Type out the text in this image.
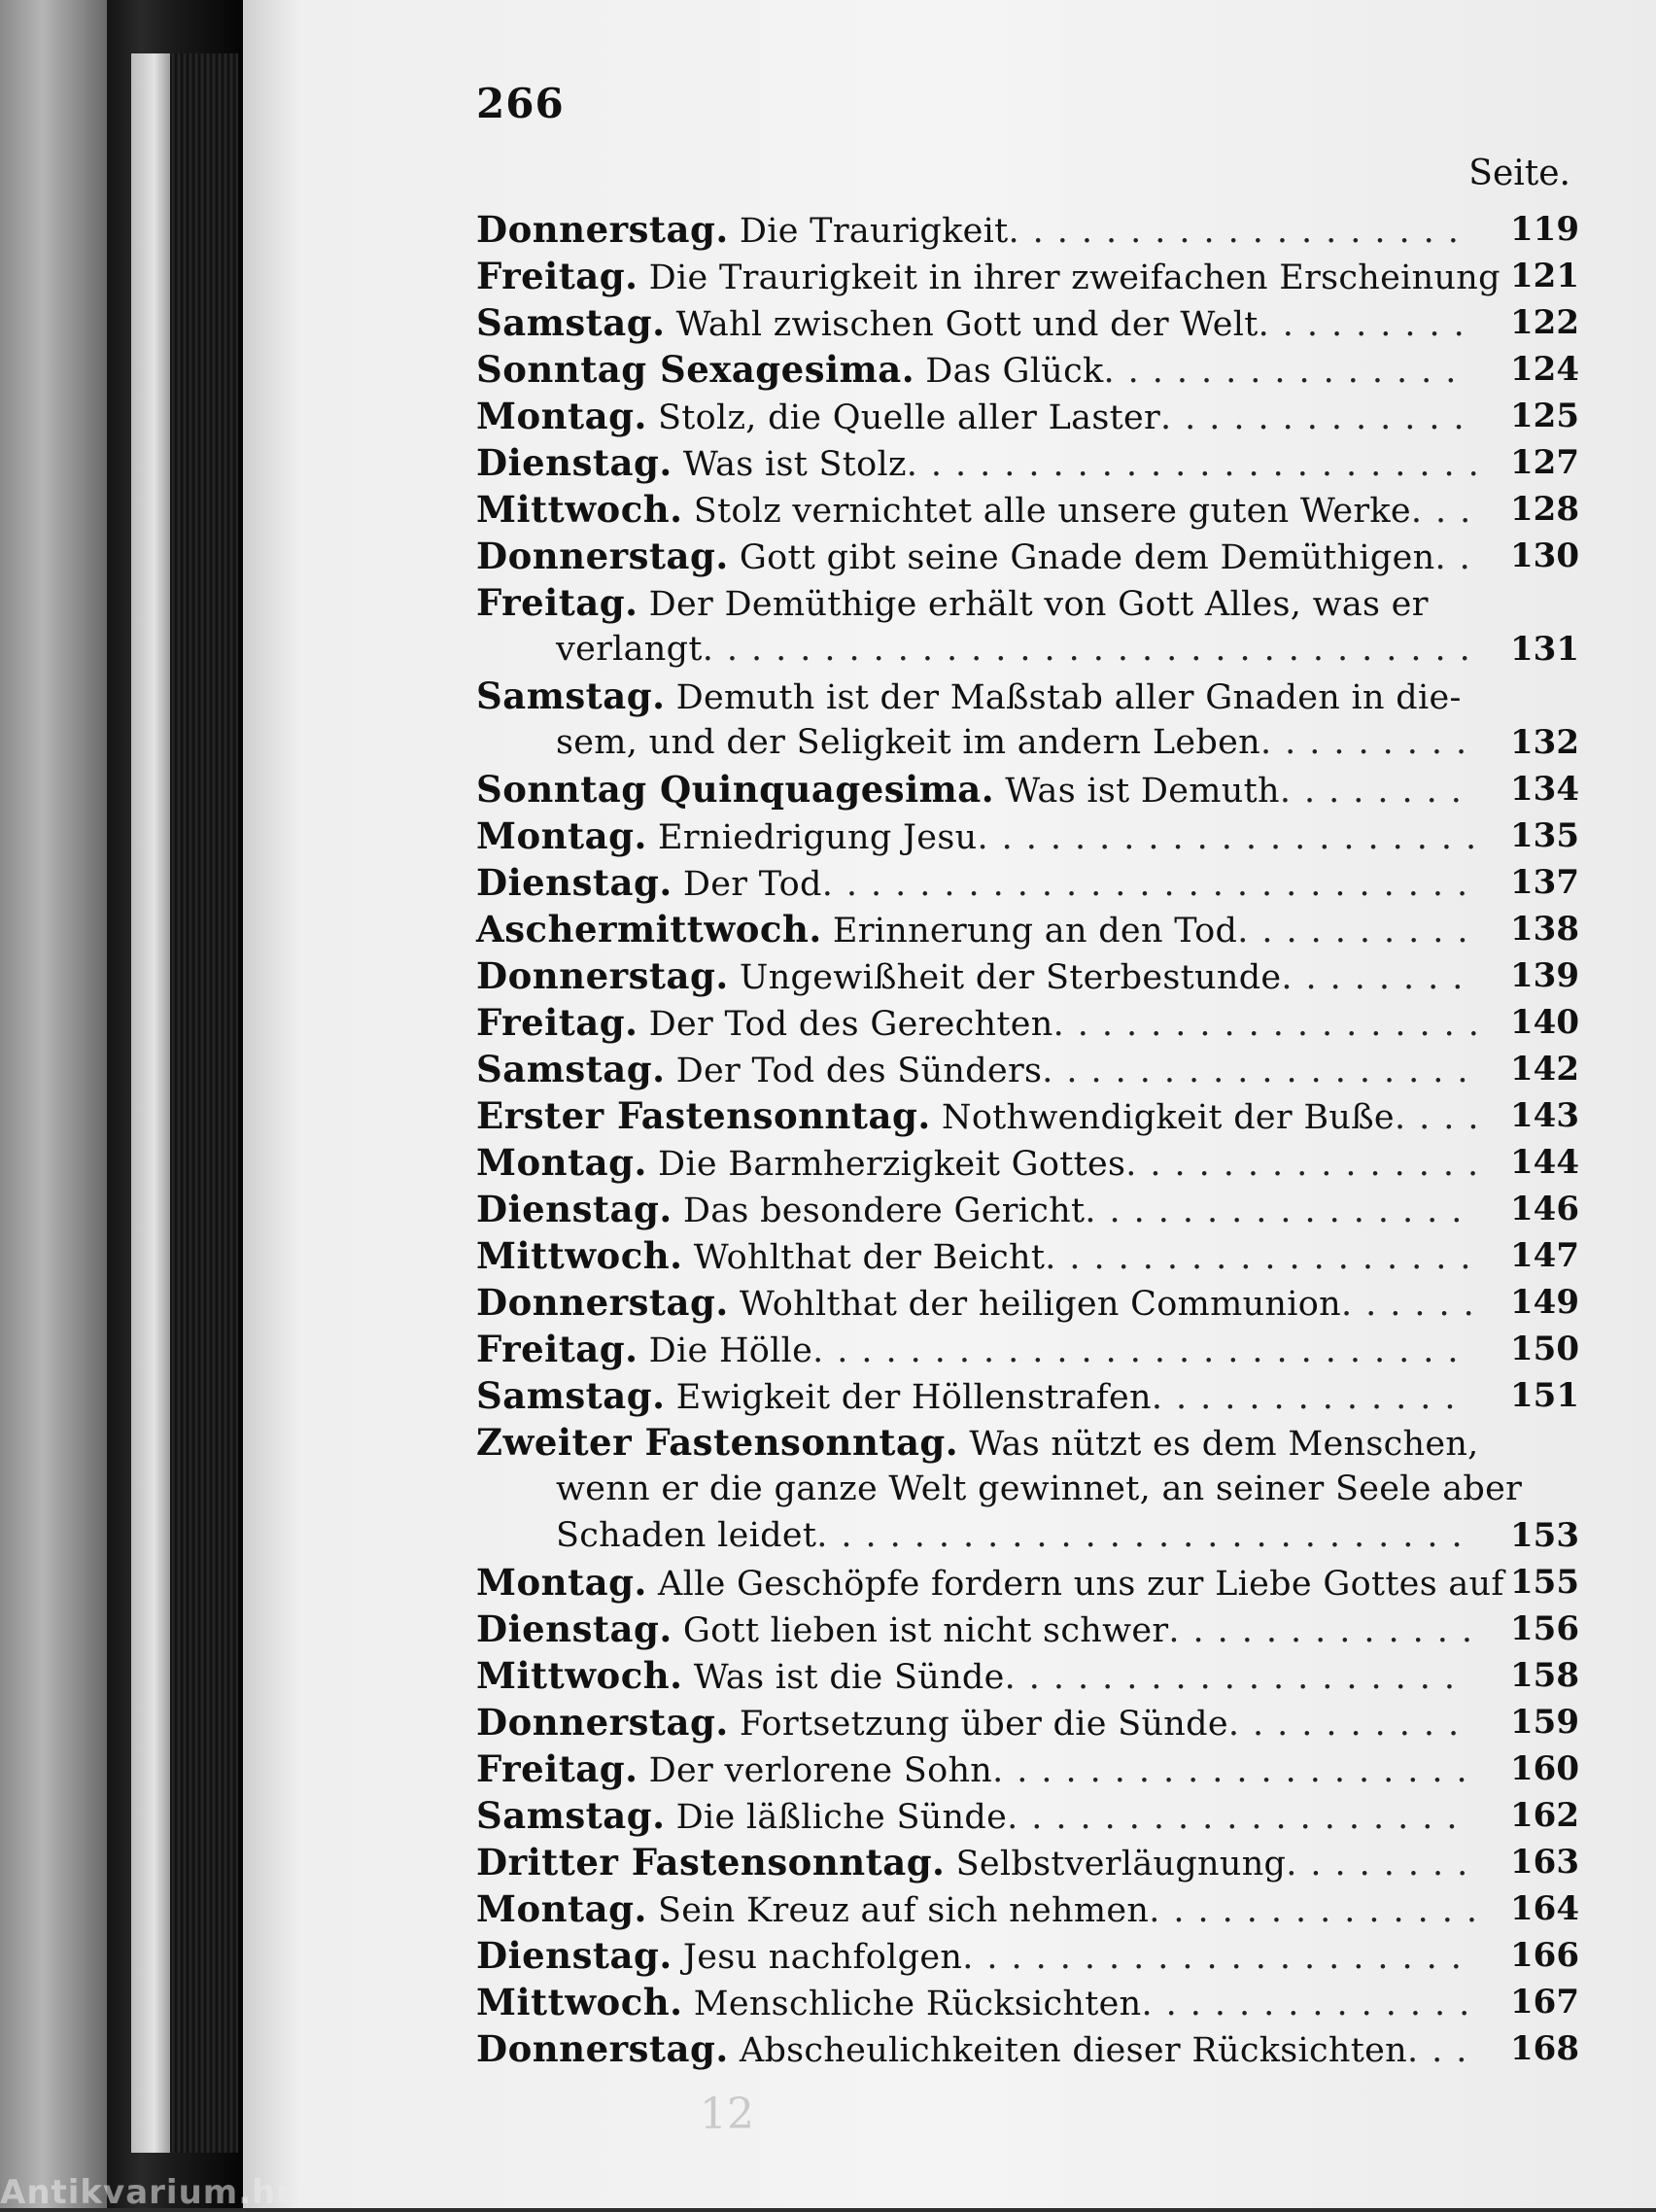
266
Seite.
Donnerstag. Die Traurigkeit................... 119
Freitag. Die Traurigkeit in ihrer zweifachen Erscheinung 121
Samstag. Wahl zwischen Gott und der Welt......... 122
Sonntag Sexagesima. Das Glück............... 124
Montag. Stolz, die Quelle aller Laster............. 125
Dienstag. Was ist Stolz........................ 127
Mittwoch. Stolz vernichtet alle unsere guten Werke... 128
Donnerstag. Gott gibt seine Gnade dem Demüthigen.. 130
Freitag. Der Demüthige erhält von Gott Alles, was er
verlangt................................ 131
Samstag. Demuth ist der Maßstab aller Gnaden in die-
sem, und der Seligkeit im andern Leben......... 132
Sonntag Quinquagesima. Was ist Demuth........ 134
Montag. Erniedrigung Jesu..................... 135
Dienstag. Der Tod........................... 137
Aschermittwoch. Erinnerung an den Tod.......... 138
Donnerstag. Ungewißheit der Sterbestunde........ 139
Freitag. Der Tod des Gerechten.................. 140
Samstag. Der Tod des Sünders.................. 142
Erster Fastensonntag. Nothwendigkeit der Buße.... 143
Montag. Die Barmherzigkeit Gottes............... 144
Dienstag. Das besondere Gericht................ 146
Mittwoch. Wohlthat der Beicht.................. 147
Donnerstag. Wohlthat der heiligen Communion...... 149
Freitag. Die Hölle........................... 150
Samstag. Ewigkeit der Höllenstrafen............. 151
Zweiter Fastensonntag. Was nützt es dem Menschen,
wenn er die ganze Welt gewinnet, an seiner Seele aber
Schaden leidet........................... 153
Montag. Alle Geschöpfe fordern uns zur Liebe Gottes auf 155
Dienstag. Gott lieben ist nicht schwer............. 156
Mittwoch. Was ist die Sünde................... 158
Donnerstag. Fortsetzung über die Sünde.......... 159
Freitag. Der verlorene Sohn.................... 160
Samstag. Die läßliche Sünde................... 162
Dritter Fastensonntag. Selbstverläugnung........ 163
Montag. Sein Kreuz auf sich nehmen.............. 164
Dienstag. Jesu nachfolgen..................... 166
Mittwoch. Menschliche Rücksichten.............. 167
Donnerstag. Abscheulichkeiten dieser Rücksichten... 168
12
Antikvarium.hu
